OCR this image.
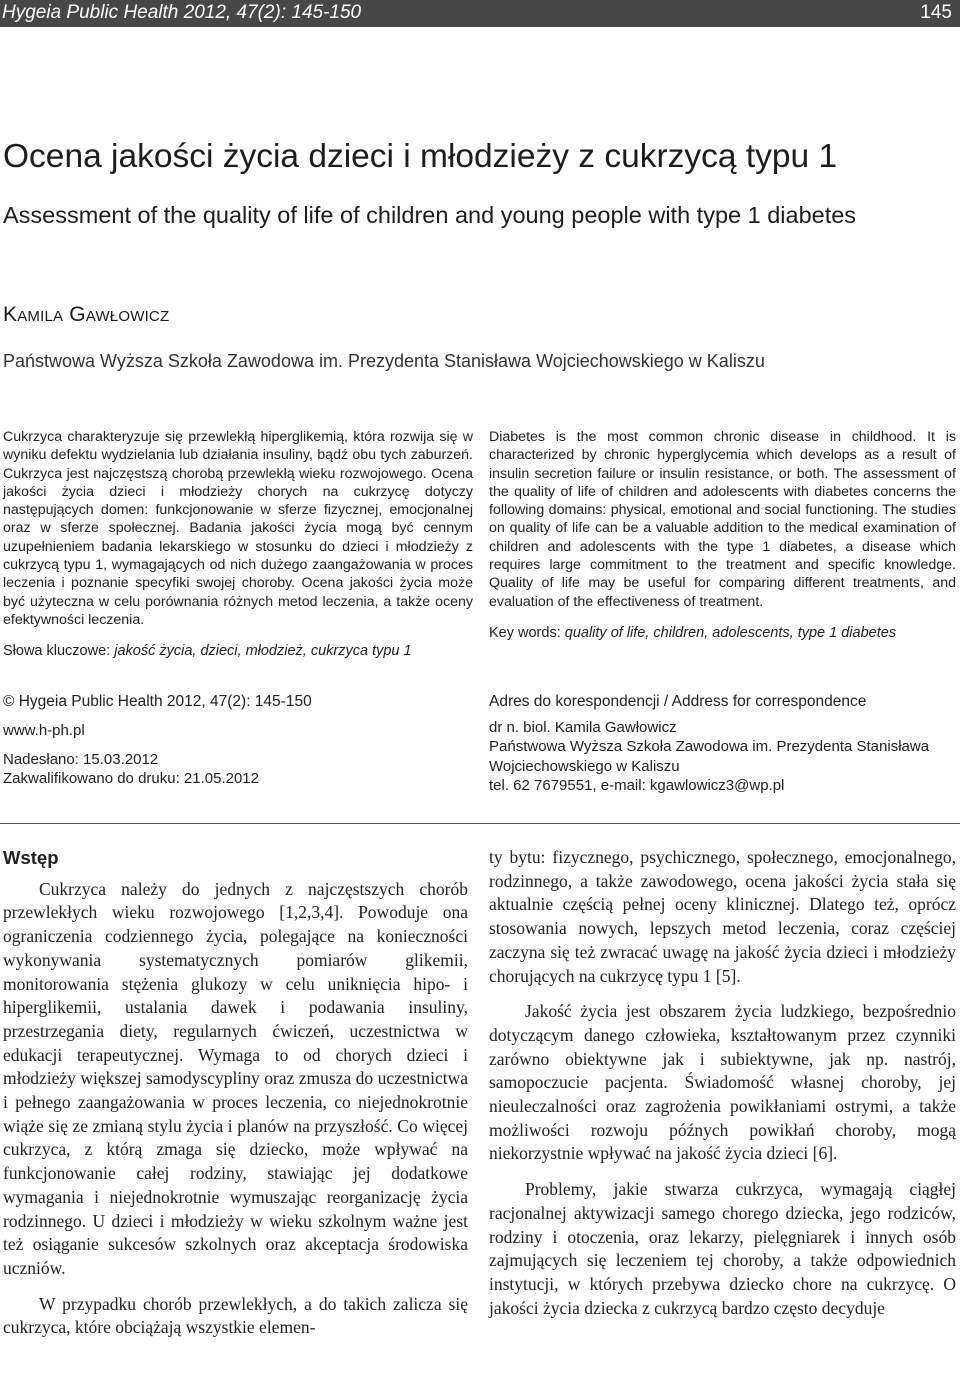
Hygeia Public Health 2012, 47(2): 145-150	145
Ocena jakości życia dzieci i młodzieży z cukrzycą typu 1
Assessment of the quality of life of children and young people with type 1 diabetes
Kamila Gawłowicz
Państwowa Wyższa Szkoła Zawodowa im. Prezydenta Stanisława Wojciechowskiego w Kaliszu

Cukrzyca charakteryzuje się przewlekłą hiperglikemią, która rozwija się w wyniku defektu wydzielania lub działania insuliny, bądź obu tych zaburzeń. Cukrzyca jest najczęstszą chorobą przewlekłą wieku rozwojowego. Ocena jakości życia dzieci i młodzieży chorych na cukrzycę dotyczy następujących domen: funkcjonowanie w sferze fizycznej, emocjonalnej oraz w sferze społecznej. Badania jakości życia mogą być cennym uzupełnieniem badania lekarskiego w stosunku do dzieci i młodzieży z cukrzycą typu 1, wymagających od nich dużego zaangażowania w proces leczenia i poznanie specyfiki swojej choroby. Ocena jakości życia może być użyteczna w celu porównania różnych metod leczenia, a także oceny efektywności leczenia.

Słowa kluczowe: jakość życia, dzieci, młodzież, cukrzyca typu 1

Diabetes is the most common chronic disease in childhood. It is characterized by chronic hyperglycemia which develops as a result of insulin secretion failure or insulin resistance, or both. The assessment of the quality of life of children and adolescents with diabetes concerns the following domains: physical, emotional and social functioning. The studies on quality of life can be a valuable addition to the medical examination of children and adolescents with the type 1 diabetes, a disease which requires large commitment to the treatment and specific knowledge. Quality of life may be useful for comparing different treatments, and evaluation of the effectiveness of treatment.

Key words: quality of life, children, adolescents, type 1 diabetes
© Hygeia Public Health 2012, 47(2): 145-150
www.h-ph.pl
Nadesłano: 15.03.2012
Zakwalifikowano do druku: 21.05.2012
Adres do korespondencji / Address for correspondence
dr n. biol. Kamila Gawłowicz
Państwowa Wyższa Szkoła Zawodowa im. Prezydenta Stanisława Wojciechowskiego w Kaliszu
tel. 62 7679551, e-mail: kgawlowicz3@wp.pl
Wstęp

Cukrzyca należy do jednych z najczęstszych chorób przewlekłych wieku rozwojowego [1,2,3,4]. Powoduje ona ograniczenia codziennego życia, polegające na konieczności wykonywania systematycznych pomiarów glikemii, monitorowania stężenia glukozy w celu uniknięcia hipo- i hiperglikemii, ustalania dawek i podawania insuliny, przestrzegania diety, regularnych ćwiczeń, uczestnictwa w edukacji terapeutycznej. Wymaga to od chorych dzieci i młodzieży większej samodyscypliny oraz zmusza do uczestnictwa i pełnego zaangażowania w proces leczenia, co niejednokrotnie wiąże się ze zmianą stylu życia i planów na przyszłość. Co więcej cukrzyca, z którą zmaga się dziecko, może wpływać na funkcjonowanie całej rodziny, stawiając jej dodatkowe wymagania i niejednokrotnie wymuszając reorganizację życia rodzinnego. U dzieci i młodzieży w wieku szkolnym ważne jest też osiąganie sukcesów szkolnych oraz akceptacja środowiska uczniów.

W przypadku chorób przewlekłych, a do takich zalicza się cukrzyca, które obciążają wszystkie elemen-

ty bytu: fizycznego, psychicznego, społecznego, emocjonalnego, rodzinnego, a także zawodowego, ocena jakości życia stała się aktualnie częścią pełnej oceny klinicznej. Dlatego też, oprócz stosowania nowych, lepszych metod leczenia, coraz częściej zaczyna się też zwracać uwagę na jakość życia dzieci i młodzieży chorujących na cukrzycę typu 1 [5].

Jakość życia jest obszarem życia ludzkiego, bezpośrednio dotyczącym danego człowieka, kształtowanym przez czynniki zarówno obiektywne jak i subiektywne, jak np. nastrój, samopoczucie pacjenta. Świadomość własnej choroby, jej nieuleczalności oraz zagrożenia powikłaniami ostrymi, a także możliwości rozwoju późnych powikłań choroby, mogą niekorzystnie wpływać na jakość życia dzieci [6].

Problemy, jakie stwarza cukrzyca, wymagają ciągłej racjonalnej aktywizacji samego chorego dziecka, jego rodziców, rodziny i otoczenia, oraz lekarzy, pielęgniarek i innych osób zajmujących się leczeniem tej choroby, a także odpowiednich instytucji, w których przebywa dziecko chore na cukrzycę. O jakości życia dziecka z cukrzycą bardzo często decyduje
